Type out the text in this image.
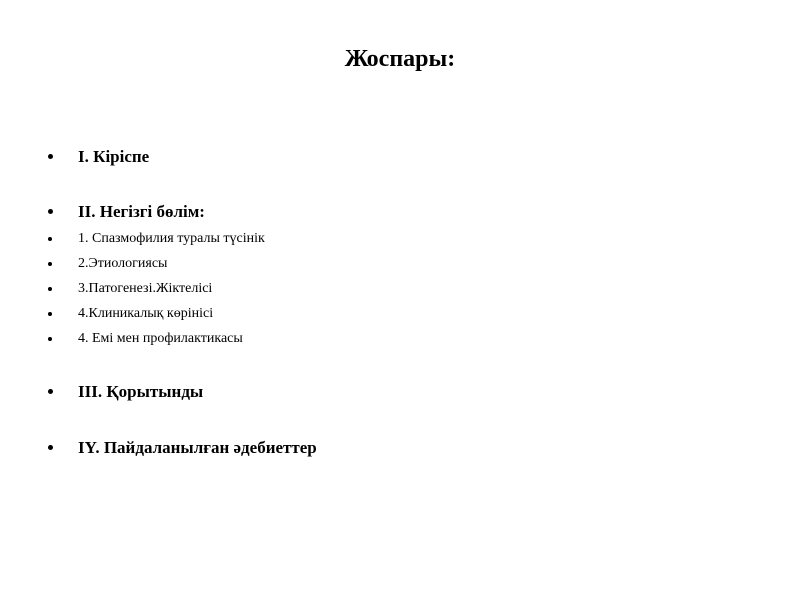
Жоспары:
I. Кіріспе
II. Негізгі бөлім:
1. Спазмофилия туралы түсінік
2.Этиологиясы
3.Патогенезі.Жіктелісі
4.Клиникалық көрінісі
4. Емі мен профилактикасы
III. Қорытынды
IY. Пайдаланылған әдебиеттер
